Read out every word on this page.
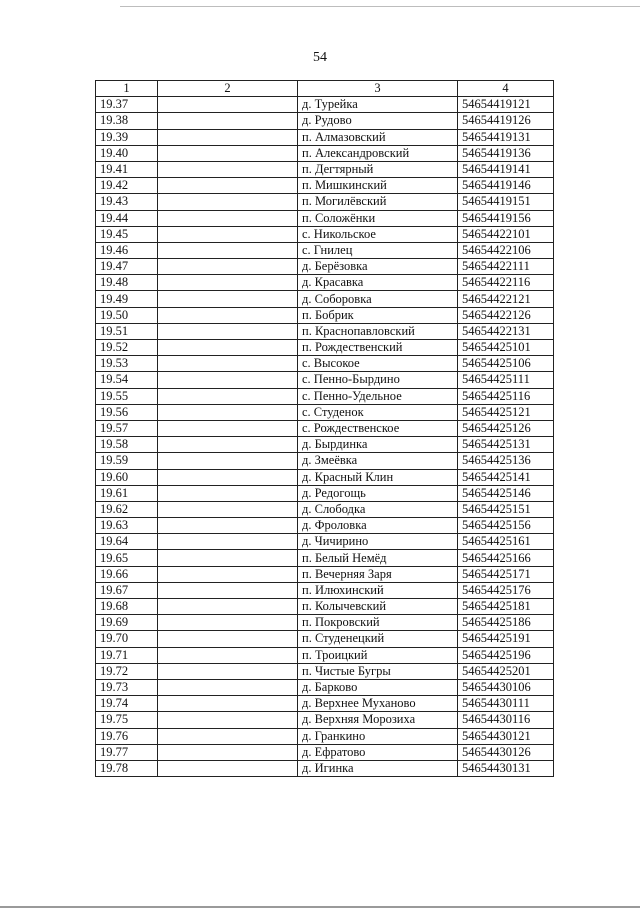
54
1	2	3	4
19.37		д. Турейка	54654419121
19.38		д. Рудово	54654419126
19.39		п. Алмазовский	54654419131
19.40		п. Александровский	54654419136
19.41		п. Дегтярный	54654419141
19.42		п. Мишкинский	54654419146
19.43		п. Могилёвский	54654419151
19.44		п. Соложёнки	54654419156
19.45		с. Никольское	54654422101
19.46		с. Гнилец	54654422106
19.47		д. Берёзовка	54654422111
19.48		д. Красавка	54654422116
19.49		д. Соборовка	54654422121
19.50		п. Бобрик	54654422126
19.51		п. Краснопавловский	54654422131
19.52		п. Рождественский	54654425101
19.53		с. Высокое	54654425106
19.54		с. Пенно-Бырдино	54654425111
19.55		с. Пенно-Удельное	54654425116
19.56		с. Студенок	54654425121
19.57		с. Рождественское	54654425126
19.58		д. Бырдинка	54654425131
19.59		д. Змеёвка	54654425136
19.60		д. Красный Клин	54654425141
19.61		д. Редогощь	54654425146
19.62		д. Слободка	54654425151
19.63		д. Фроловка	54654425156
19.64		д. Чичирино	54654425161
19.65		п. Белый Немёд	54654425166
19.66		п. Вечерняя Заря	54654425171
19.67		п. Илюхинский	54654425176
19.68		п. Колычевский	54654425181
19.69		п. Покровский	54654425186
19.70		п. Студенецкий	54654425191
19.71		п. Троицкий	54654425196
19.72		п. Чистые Бугры	54654425201
19.73		д. Барково	54654430106
19.74		д. Верхнее Муханово	54654430111
19.75		д. Верхняя Морозиха	54654430116
19.76		д. Гранкино	54654430121
19.77		д. Ефратово	54654430126
19.78		д. Игинка	54654430131
